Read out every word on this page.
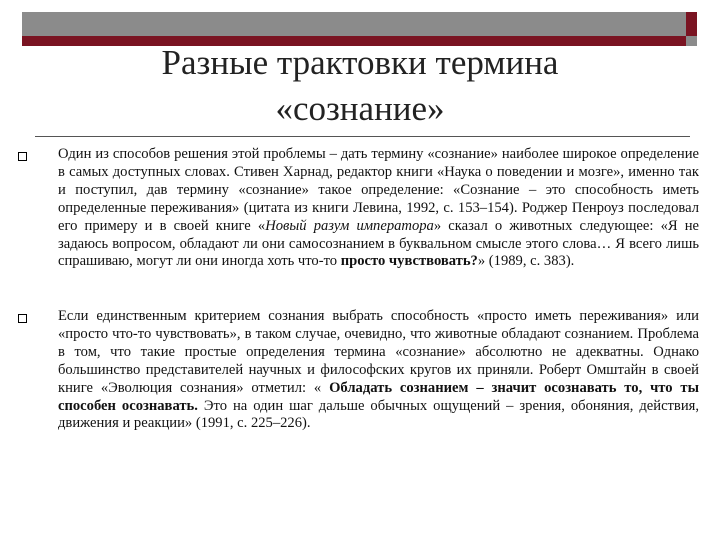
Разные трактовки термина
«сознание»
Один из способов решения этой проблемы – дать термину «сознание» наиболее широкое определение в самых доступных словах. Стивен Харнад, редактор книги «Наука о поведении и мозге», именно так и поступил, дав термину «сознание» такое определение: «Сознание – это способность иметь определенные переживания» (цитата из книги Левина, 1992, с. 153–154). Роджер Пенроуз последовал его примеру и в своей книге «Новый разум императора» сказал о животных следующее: «Я не задаюсь вопросом, обладают ли они самосознанием в буквальном смысле этого слова… Я всего лишь спрашиваю, могут ли они иногда хоть что-то просто чувствовать?» (1989, с. 383).
Если единственным критерием сознания выбрать способность «просто иметь переживания» или «просто что-то чувствовать», в таком случае, очевидно, что животные обладают сознанием. Проблема в том, что такие простые определения термина «сознание» абсолютно не адекватны. Однако большинство представителей научных и философских кругов их приняли. Роберт Омштайн в своей книге «Эволюция сознания» отметил: « Обладать сознанием – значит осознавать то, что ты способен осознавать. Это на один шаг дальше обычных ощущений – зрения, обоняния, действия, движения и реакции» (1991, с. 225–226).
